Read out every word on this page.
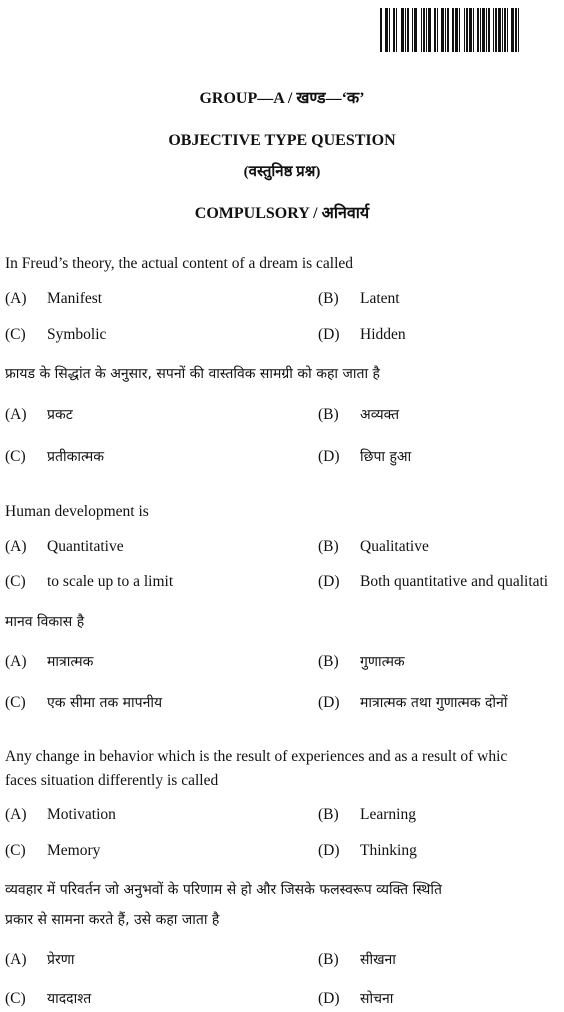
GROUP—A / खण्ड—‘क’
OBJECTIVE TYPE QUESTION
(वस्तुनिष्ठ प्रश्न)
COMPULSORY / अनिवार्य
In Freud’s theory, the actual content of a dream is called
(A) Manifest	(B) Latent
(C) Symbolic	(D) Hidden
फ्रायड के सिद्धांत के अनुसार, सपनों की वास्तविक सामग्री को कहा जाता है
(A) प्रकट	(B) अव्यक्त
(C) प्रतीकात्मक	(D) छिपा हुआ
Human development is
(A) Quantitative	(B) Qualitative
(C) to scale up to a limit	(D) Both quantitative and qualitati
मानव विकास है
(A) मात्रात्मक	(B) गुणात्मक
(C) एक सीमा तक मापनीय	(D) मात्रात्मक तथा गुणात्मक दोनों
Any change in behavior which is the result of experiences and as a result of whic
faces situation differently is called
(A) Motivation	(B) Learning
(C) Memory	(D) Thinking
व्यवहार में परिवर्तन जो अनुभवों के परिणाम से हो और जिसके फलस्वरूप व्यक्ति स्थिति
प्रकार से सामना करते हैं, उसे कहा जाता है
(A) प्रेरणा	(B) सीखना
(C) याददाश्त	(D) सोचना
